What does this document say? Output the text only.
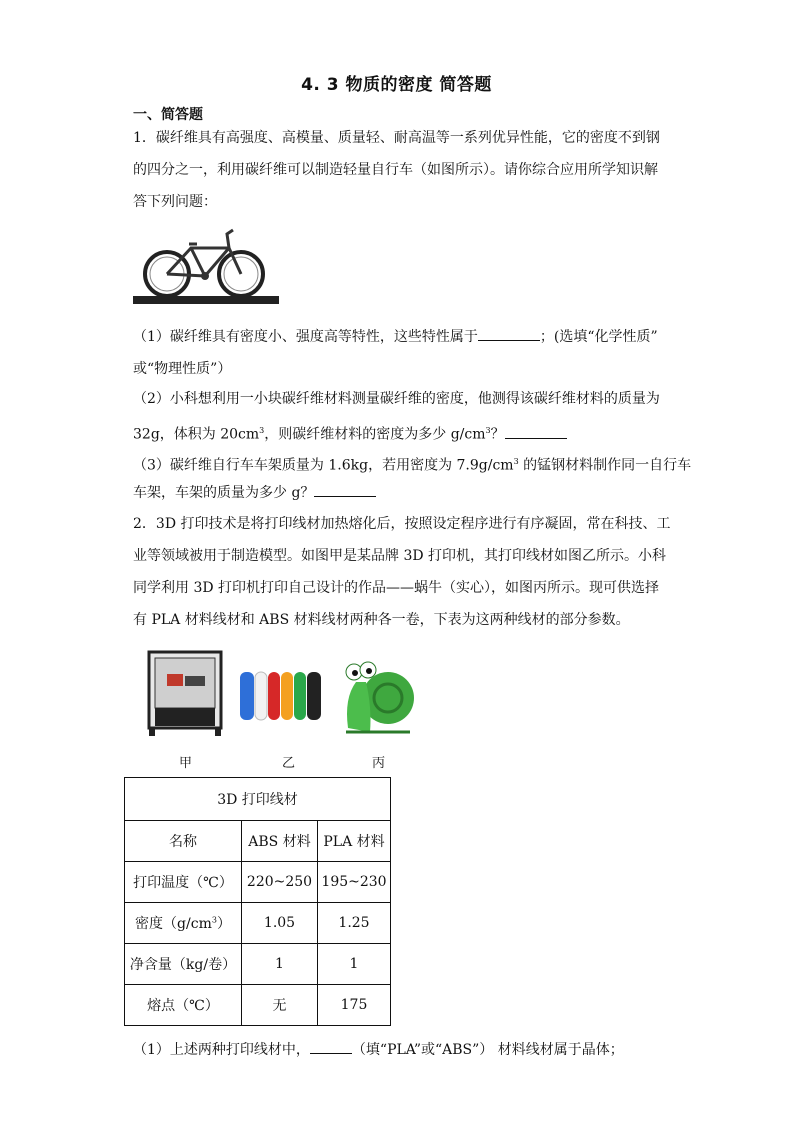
4. 3 物质的密度 简答题
一、简答题
1．碳纤维具有高强度、高模量、质量轻、耐高温等一系列优异性能，它的密度不到钢
的四分之一，利用碳纤维可以制造轻量自行车（如图所示）。请你综合应用所学知识解
答下列问题：
（1）碳纤维具有密度小、强度高等特性，这些特性属于	；(选填“化学性质”
或“物理性质”）
（2）小科想利用一小块碳纤维材料测量碳纤维的密度，他测得该碳纤维材料的质量为
32g，体积为 $20cm^3$，则碳纤维材料的密度为多少 $g/cm^3$？
（3）碳纤维自行车车架质量为 1.6kg，若用密度为 $7.9g/cm^3$ 的锰钢材料制作同一自行车
车架，车架的质量为多少 g？
2．3D 打印技术是将打印线材加热熔化后，按照设定程序进行有序凝固，常在科技、工
业等领域被用于制造模型。如图甲是某品牌 3D 打印机，其打印线材如图乙所示。小科
同学利用 3D 打印机打印自己设计的作品——蜗牛（实心），如图丙所示。现可供选择
有 PLA 材料线材和 ABS 材料线材两种各一卷，下表为这两种线材的部分参数。
甲	乙	丙
3D 打印线材		
名称	ABS 材料	PLA 材料
打印温度（℃）	220~250	195~230
密度$(g/cm^3)$	1.05	1.25
净含量（kg/卷）	1	1
熔点（℃）	无	175
（1）上述两种打印线材中，	（填“PLA”或“ABS”） 材料线材属于晶体；
